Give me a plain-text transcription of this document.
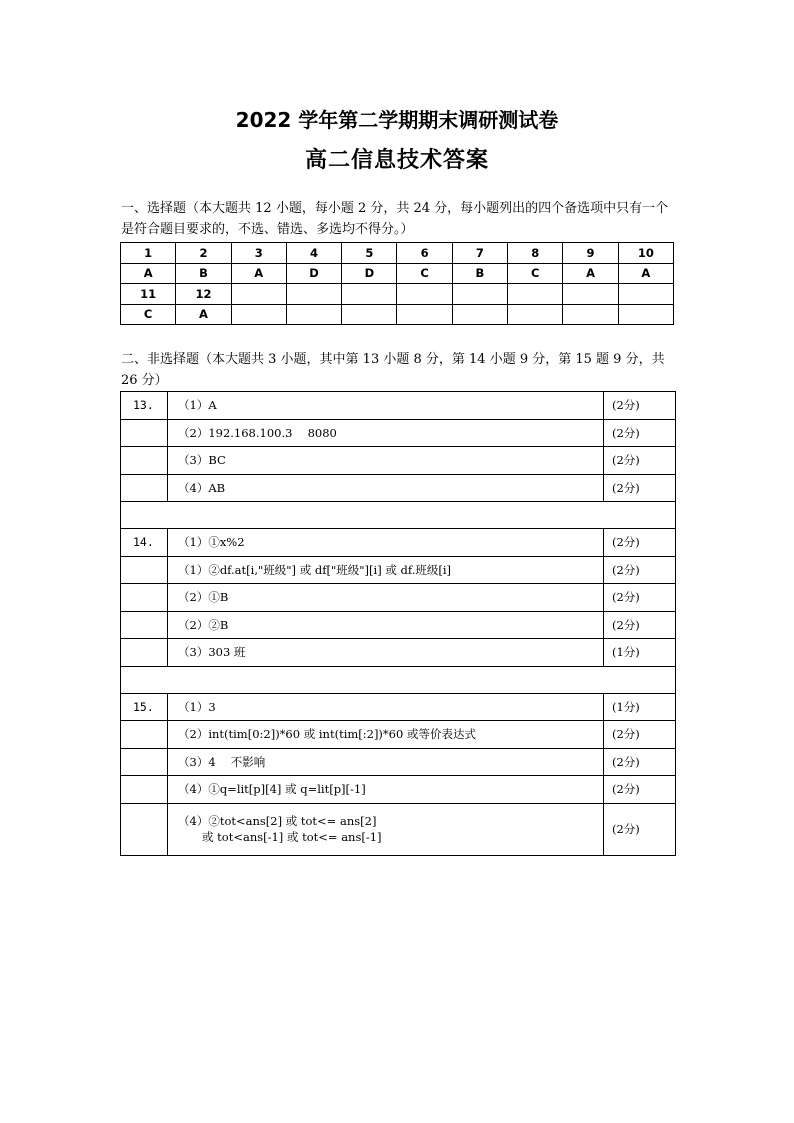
2022 学年第二学期期末调研测试卷
高二信息技术答案
一、选择题（本大题共 12 小题，每小题 2 分，共 24 分，每小题列出的四个备选项中只有一个是符合题目要求的，不选、错选、多选均不得分。）
1	2	3	4	5	6	7	8	9	10
A	B	A	D	D	C	B	C	A	A
11	12								
C	A								
二、非选择题（本大题共 3 小题，其中第 13 小题 8 分，第 14 小题 9 分，第 15 题 9 分，共 26 分）
13.	（1）A	(2分)
	（2）192.168.100.3　 8080	(2分)
	（3）BC	(2分)
	（4）AB	(2分)

14.	（1）①x%2	(2分)
	（1）②df.at[i,"班级"] 或 df["班级"][i] 或 df.班级[i]	(2分)
	（2）①B	(2分)
	（2）②B	(2分)
	（3）303 班	(1分)

15.	（1）3	(1分)
	（2）int(tim[0:2])*60 或 int(tim[:2])*60 或等价表达式	(2分)
	（3）4　 不影响	(2分)
	（4）①q=lit[p][4] 或 q=lit[p][-1]	(2分)
	（4）②tot<ans[2] 或 tot<= ans[2]
或 tot<ans[-1] 或 tot<= ans[-1]	(2分)
